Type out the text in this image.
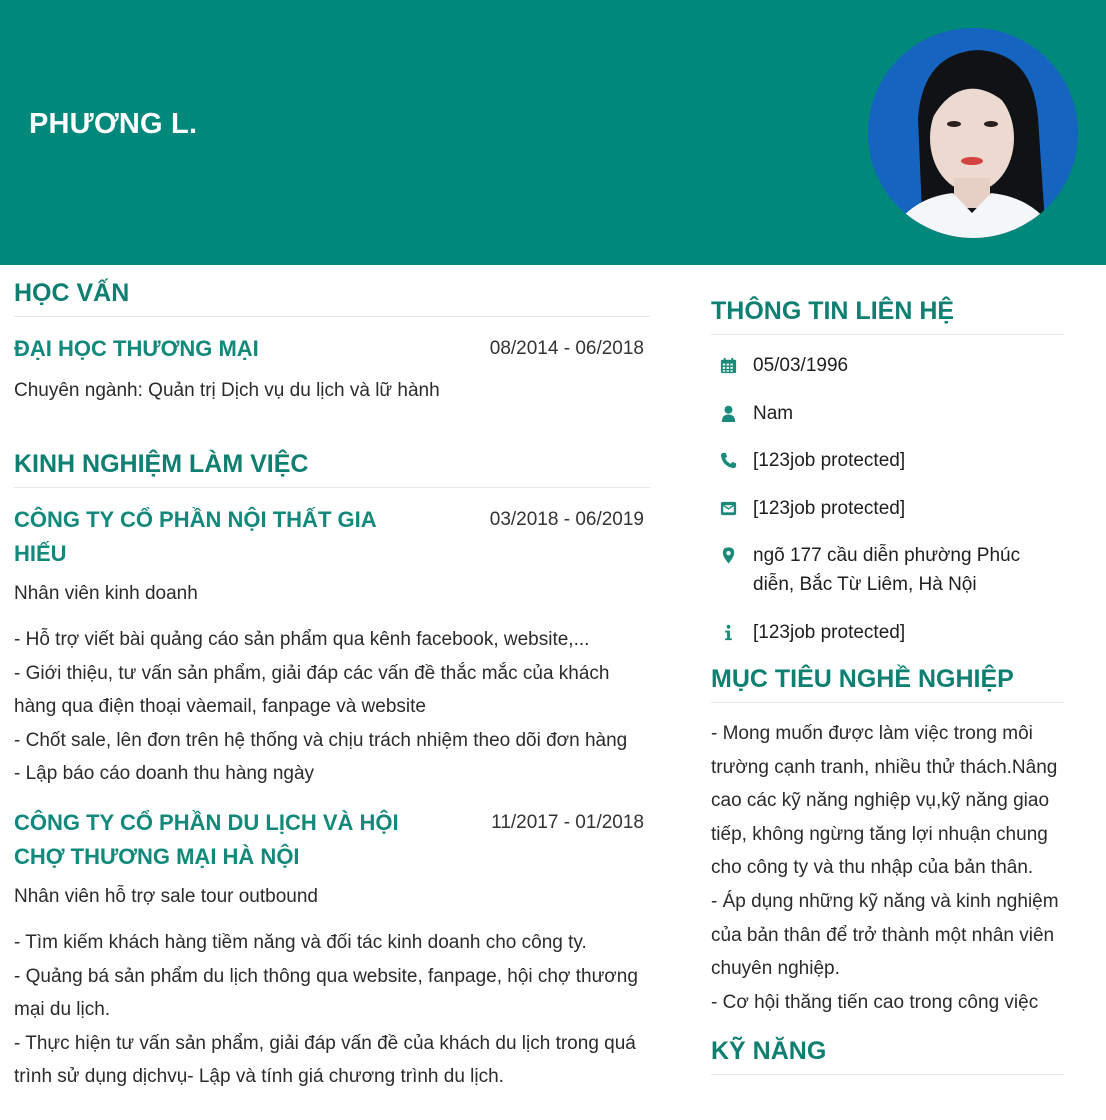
PHƯƠNG L.
HỌC VẤN
ĐẠI HỌC THƯƠNG MẠI	08/2014 - 06/2018
Chuyên ngành: Quản trị Dịch vụ du lịch và lữ hành
KINH NGHIỆM LÀM VIỆC
CÔNG TY CỔ PHẦN NỘI THẤT GIA HIẾU
03/2018 - 06/2019
Nhân viên kinh doanh
- Hỗ trợ viết bài quảng cáo sản phẩm qua kênh facebook, website,...
- Giới thiệu, tư vấn sản phẩm, giải đáp các vấn đề thắc mắc của khách hàng qua điện thoại vàemail, fanpage và website
- Chốt sale, lên đơn trên hệ thống và chịu trách nhiệm theo dõi đơn hàng
- Lập báo cáo doanh thu hàng ngày
CÔNG TY CỔ PHẦN DU LỊCH VÀ HỘI CHỢ THƯƠNG MẠI HÀ NỘI
11/2017 - 01/2018
Nhân viên hỗ trợ sale tour outbound
- Tìm kiếm khách hàng tiềm năng và đối tác kinh doanh cho công ty.
- Quảng bá sản phẩm du lịch thông qua website, fanpage, hội chợ thương mại du lịch.
- Thực hiện tư vấn sản phẩm, giải đáp vấn đề của khách du lịch trong quá trình sử dụng dịchvụ- Lập và tính giá chương trình du lịch.
THÔNG TIN LIÊN HỆ
05/03/1996
Nam
[123job protected]
[123job protected]
ngõ 177 cầu diễn phường Phúc diễn, Bắc Từ Liêm, Hà Nội
[123job protected]
MỤC TIÊU NGHỀ NGHIỆP
- Mong muốn được làm việc trong môi trường cạnh tranh, nhiều thử thách.Nâng cao các kỹ năng nghiệp vụ,kỹ năng giao tiếp, không ngừng tăng lợi nhuận chung cho công ty và thu nhập của bản thân.
- Áp dụng những kỹ năng và kinh nghiệm của bản thân để trở thành một nhân viên chuyên nghiệp.
- Cơ hội thăng tiến cao trong công việc
KỸ NĂNG
